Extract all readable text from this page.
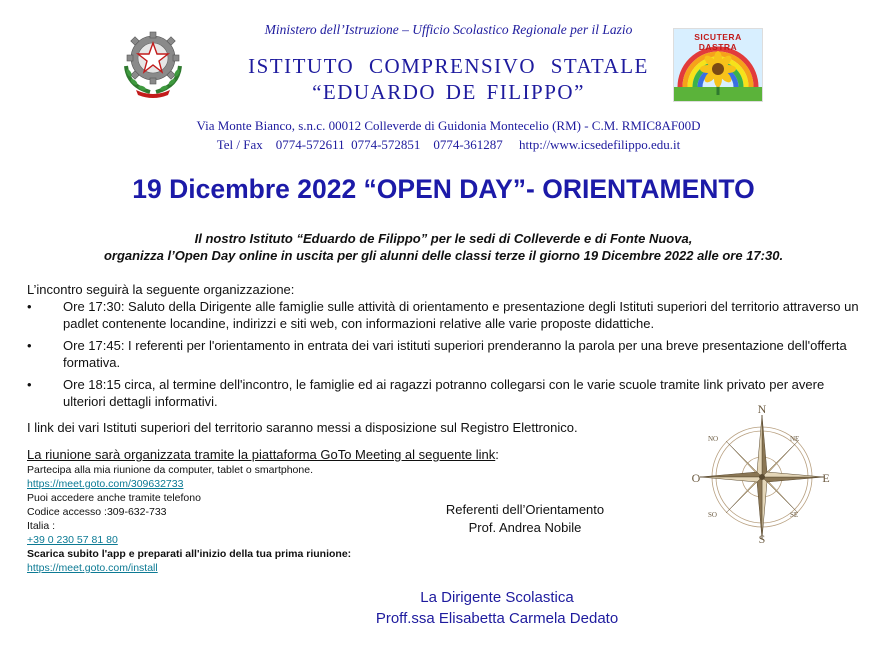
SICUTERA DASTRA
Ministero dell’Istruzione – Ufficio Scolastico Regionale per il Lazio
ISTITUTO COMPRENSIVO STATALE
“EDUARDO DE FILIPPO”
Via Monte Bianco, s.n.c. 00012 Colleverde di Guidonia Montecelio (RM) - C.M. RMIC8AF00D
Tel / Fax    0774-572611  0774-572851    0774-361287     http://www.icsedefilippo.edu.it
19 Dicembre 2022 “OPEN DAY”- ORIENTAMENTO
Il nostro Istituto “Eduardo de Filippo” per le sedi di Colleverde e di Fonte Nuova,
organizza l’Open Day online in uscita per gli alunni delle classi terze il giorno 19 Dicembre 2022 alle ore 17:30.
L’incontro seguirà la seguente organizzazione:
• Ore 17:30: Saluto della Dirigente alle famiglie sulle attività di orientamento e presentazione degli Istituti superiori del territorio attraverso un padlet contenente locandine, indirizzi e siti web, con informazioni relative alle varie proposte didattiche.
• Ore 17:45: I referenti per l'orientamento in entrata dei vari istituti superiori prenderanno la parola per una breve presentazione dell'offerta formativa.
• Ore 18:15 circa, al termine dell'incontro, le famiglie ed ai ragazzi potranno collegarsi con le varie scuole tramite link privato per avere ulteriori dettagli informativi.
I link dei vari Istituti superiori del territorio saranno messi a disposizione sul Registro Elettronico.
La riunione sarà organizzata tramite la piattaforma GoTo Meeting al seguente link:
Partecipa alla mia riunione da computer, tablet o smartphone.
https://meet.goto.com/309632733
Puoi accedere anche tramite telefono
Codice accesso :309-632-733
Italia :
+39 0 230 57 81 80
Scarica subito l'app e preparati all'inizio della tua prima riunione:
https://meet.goto.com/install
Referenti dell’Orientamento
Prof. Andrea Nobile
N
S
E
O
NE
NO
SE
SO
La Dirigente Scolastica
Proff.ssa Elisabetta Carmela Dedato
